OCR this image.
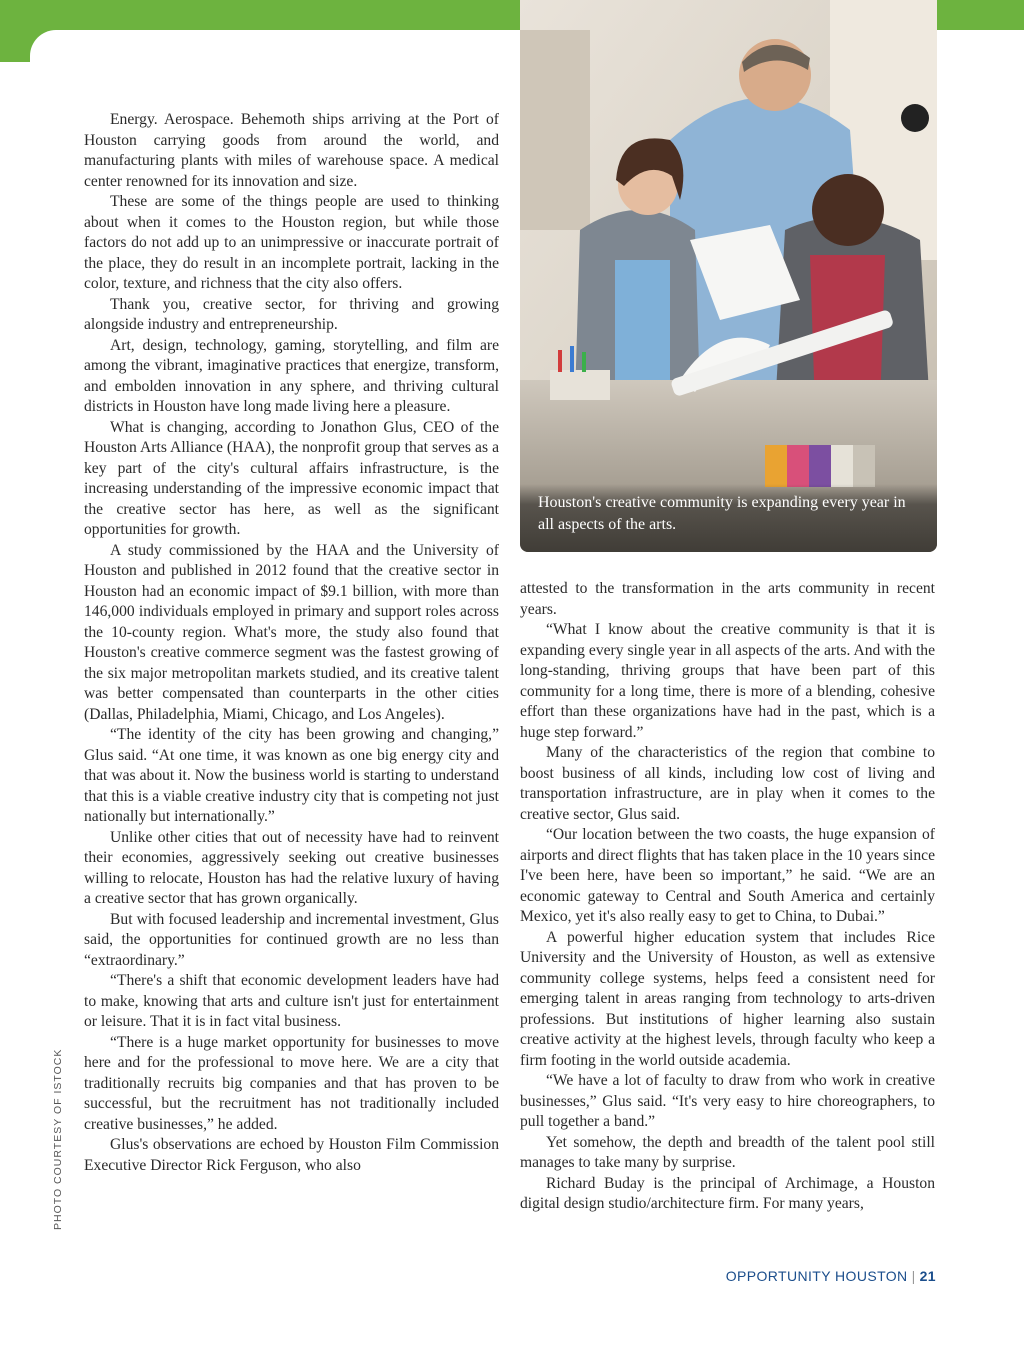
Energy. Aerospace. Behemoth ships arriving at the Port of Houston carrying goods from around the world, and manufacturing plants with miles of warehouse space. A medical center renowned for its innovation and size.

These are some of the things people are used to thinking about when it comes to the Houston region, but while those factors do not add up to an unimpressive or inaccurate portrait of the place, they do result in an incomplete portrait, lacking in the color, texture, and richness that the city also offers.

Thank you, creative sector, for thriving and growing alongside industry and entrepreneurship.

Art, design, technology, gaming, storytelling, and film are among the vibrant, imaginative practices that energize, transform, and embolden innovation in any sphere, and thriving cultural districts in Houston have long made living here a pleasure.

What is changing, according to Jonathon Glus, CEO of the Houston Arts Alliance (HAA), the nonprofit group that serves as a key part of the city's cultural affairs infrastructure, is the increasing understanding of the impressive economic impact that the creative sector has here, as well as the significant opportunities for growth.

A study commissioned by the HAA and the University of Houston and published in 2012 found that the creative sector in Houston had an economic impact of $9.1 billion, with more than 146,000 individuals employed in primary and support roles across the 10-county region. What's more, the study also found that Houston's creative commerce segment was the fastest growing of the six major metropolitan markets studied, and its creative talent was better compensated than counterparts in the other cities (Dallas, Philadelphia, Miami, Chicago, and Los Angeles).

“The identity of the city has been growing and changing,” Glus said. “At one time, it was known as one big energy city and that was about it. Now the business world is starting to understand that this is a viable creative industry city that is competing not just nationally but internationally.”

Unlike other cities that out of necessity have had to reinvent their economies, aggressively seeking out creative businesses willing to relocate, Houston has had the relative luxury of having a creative sector that has grown organically.

But with focused leadership and incremental investment, Glus said, the opportunities for continued growth are no less than “extraordinary.”

“There's a shift that economic development leaders have had to make, knowing that arts and culture isn't just for entertainment or leisure. That it is in fact vital business.

“There is a huge market opportunity for businesses to move here and for the professional to move here. We are a city that traditionally recruits big companies and that has proven to be successful, but the recruitment has not traditionally included creative businesses,” he added.

Glus's observations are echoed by Houston Film Commission Executive Director Rick Ferguson, who also

Houston's creative community is expanding every year in all aspects of the arts.

attested to the transformation in the arts community in recent years.

“What I know about the creative community is that it is expanding every single year in all aspects of the arts. And with the long-standing, thriving groups that have been part of this community for a long time, there is more of a blending, cohesive effort than these organizations have had in the past, which is a huge step forward.”

Many of the characteristics of the region that combine to boost business of all kinds, including low cost of living and transportation infrastructure, are in play when it comes to the creative sector, Glus said.

“Our location between the two coasts, the huge expansion of airports and direct flights that has taken place in the 10 years since I've been here, have been so important,” he said. “We are an economic gateway to Central and South America and certainly Mexico, yet it's also really easy to get to China, to Dubai.”

A powerful higher education system that includes Rice University and the University of Houston, as well as extensive community college systems, helps feed a consistent need for emerging talent in areas ranging from technology to arts-driven professions. But institutions of higher learning also sustain creative activity at the highest levels, through faculty who keep a firm footing in the world outside academia.

“We have a lot of faculty to draw from who work in creative businesses,” Glus said. “It's very easy to hire choreographers, to pull together a band.”

Yet somehow, the depth and breadth of the talent pool still manages to take many by surprise.

Richard Buday is the principal of Archimage, a Houston digital design studio/architecture firm. For many years,

PHOTO COURTESY OF ISTOCK
OPPORTUNITY HOUSTON | 21
